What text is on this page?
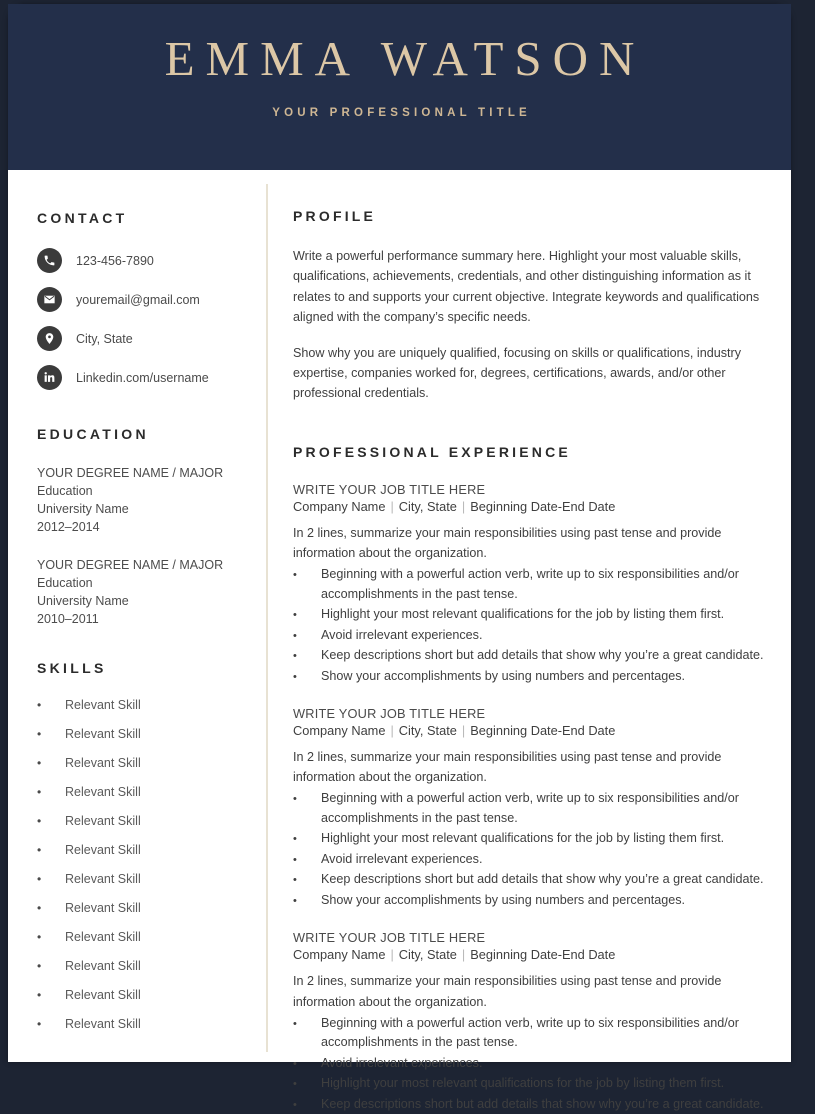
EMMA WATSON
YOUR PROFESSIONAL TITLE
CONTACT
123-456-7890
youremail@gmail.com
City, State
Linkedin.com/username
EDUCATION
YOUR DEGREE NAME / MAJOR
Education
University Name
2012–2014
YOUR DEGREE NAME / MAJOR
Education
University Name
2010–2011
SKILLS
•	Relevant Skill
•	Relevant Skill
•	Relevant Skill
•	Relevant Skill
•	Relevant Skill
•	Relevant Skill
•	Relevant Skill
•	Relevant Skill
•	Relevant Skill
•	Relevant Skill
•	Relevant Skill
•	Relevant Skill
PROFILE

Write a powerful performance summary here. Highlight your most valuable skills, qualifications, achievements, credentials, and other distinguishing information as it relates to and supports your current objective. Integrate keywords and qualifications aligned with the company’s specific needs.

Show why you are uniquely qualified, focusing on skills or qualifications, industry expertise, companies worked for, degrees, certifications, awards, and/or other professional credentials.

PROFESSIONAL EXPERIENCE
WRITE YOUR JOB TITLE HERE
Company Name | City, State | Beginning Date-End Date

In 2 lines, summarize your main responsibilities using past tense and provide information about the organization.

•	Beginning with a powerful action verb, write up to six responsibilities and/or accomplishments in the past tense.
•	Highlight your most relevant qualifications for the job by listing them first.
•	Avoid irrelevant experiences.
•	Keep descriptions short but add details that show why you’re a great candidate.
•	Show your accomplishments by using numbers and percentages.
WRITE YOUR JOB TITLE HERE
Company Name | City, State | Beginning Date-End Date

In 2 lines, summarize your main responsibilities using past tense and provide information about the organization.

•	Beginning with a powerful action verb, write up to six responsibilities and/or accomplishments in the past tense.
•	Highlight your most relevant qualifications for the job by listing them first.
•	Avoid irrelevant experiences.
•	Keep descriptions short but add details that show why you’re a great candidate.
•	Show your accomplishments by using numbers and percentages.
WRITE YOUR JOB TITLE HERE
Company Name | City, State | Beginning Date-End Date

In 2 lines, summarize your main responsibilities using past tense and provide information about the organization.

•	Beginning with a powerful action verb, write up to six responsibilities and/or accomplishments in the past tense.
•	Avoid irrelevant experiences.
•	Highlight your most relevant qualifications for the job by listing them first.
•	Keep descriptions short but add details that show why you’re a great candidate.
